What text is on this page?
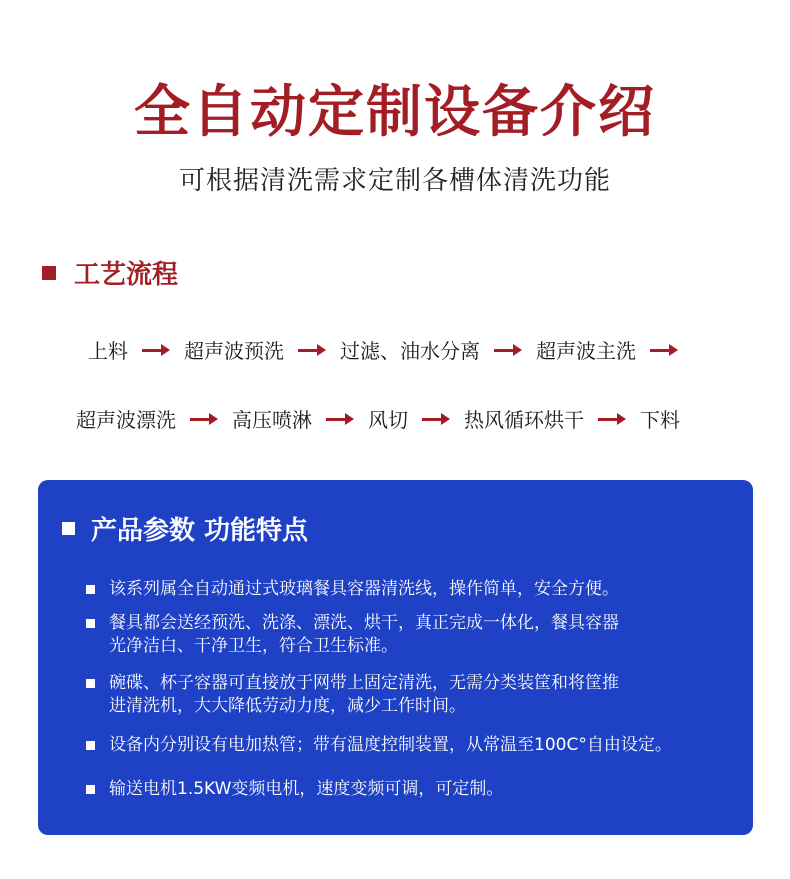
全自动定制设备介绍
可根据清洗需求定制各槽体清洗功能
工艺流程
上料	超声波预洗	过滤、油水分离	超声波主洗
超声波漂洗	高压喷淋	风切	热风循环烘干	下料
产品参数 功能特点
该系列属全自动通过式玻璃餐具容器清洗线，操作简单，安全方便。
餐具都会送经预洗、洗涤、漂洗、烘干，真正完成一体化，餐具容器
光净洁白、干净卫生，符合卫生标准。
碗碟、杯子容器可直接放于网带上固定清洗，无需分类装筐和将筐推
进清洗机，大大降低劳动力度，减少工作时间。
设备内分别设有电加热管；带有温度控制装置，从常温至100C°自由设定。
输送电机1.5KW变频电机，速度变频可调，可定制。
